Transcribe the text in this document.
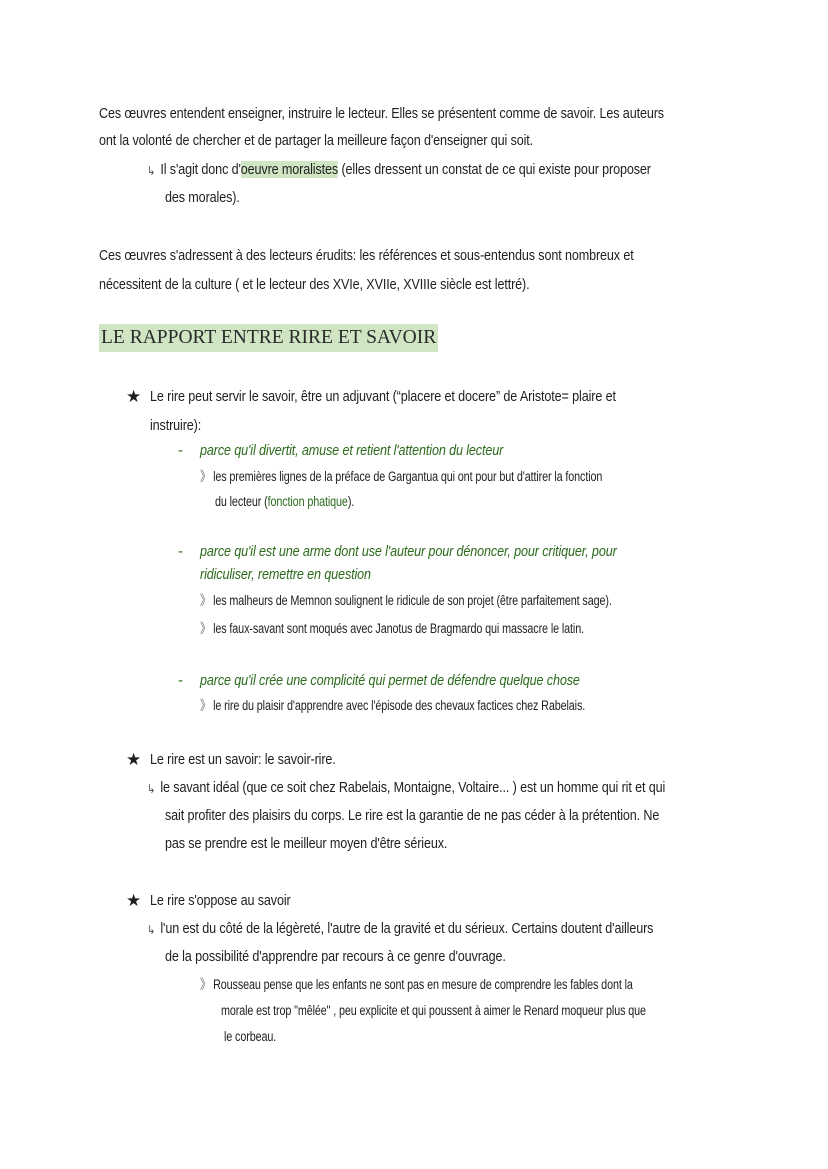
Ces œuvres entendent enseigner, instruire le lecteur. Elles se présentent comme de savoir. Les auteurs
ont la volonté de chercher et de partager la meilleure façon d'enseigner qui soit.
↳ Il s'agit donc d'oeuvre moralistes (elles dressent un constat de ce qui existe pour proposer
des morales).
Ces œuvres s'adressent à des lecteurs érudits: les références et sous-entendus sont nombreux et
nécessitent de la culture ( et le lecteur des XVIe, XVIIe, XVIIIe siècle est lettré).
LE RAPPORT ENTRE RIRE ET SAVOIR
★ Le rire peut servir le savoir, être un adjuvant (“placere et docere” de Aristote= plaire et
instruire):
- parce qu'il divertit, amuse et retient l'attention du lecteur
》 les premières lignes de la préface de Gargantua qui ont pour but d'attirer la fonction
du lecteur (fonction phatique).
- parce qu'il est une arme dont use l'auteur pour dénoncer, pour critiquer, pour
ridiculiser, remettre en question
》 les malheurs de Memnon soulignent le ridicule de son projet (être parfaitement sage).
》 les faux-savant sont moqués avec Janotus de Bragmardo qui massacre le latin.
- parce qu'il crée une complicité qui permet de défendre quelque chose
》 le rire du plaisir d'apprendre avec l'épisode des chevaux factices chez Rabelais.
★ Le rire est un savoir: le savoir-rire.
↳ le savant idéal (que ce soit chez Rabelais, Montaigne, Voltaire... ) est un homme qui rit et qui
sait profiter des plaisirs du corps. Le rire est la garantie de ne pas céder à la prétention. Ne
pas se prendre est le meilleur moyen d'être sérieux.
★ Le rire s'oppose au savoir
↳ l'un est du côté de la légèreté, l'autre de la gravité et du sérieux. Certains doutent d'ailleurs
de la possibilité d'apprendre par recours à ce genre d'ouvrage.
》 Rousseau pense que les enfants ne sont pas en mesure de comprendre les fables dont la
morale est trop "mêlée" , peu explicite et qui poussent à aimer le Renard moqueur plus que
le corbeau.
